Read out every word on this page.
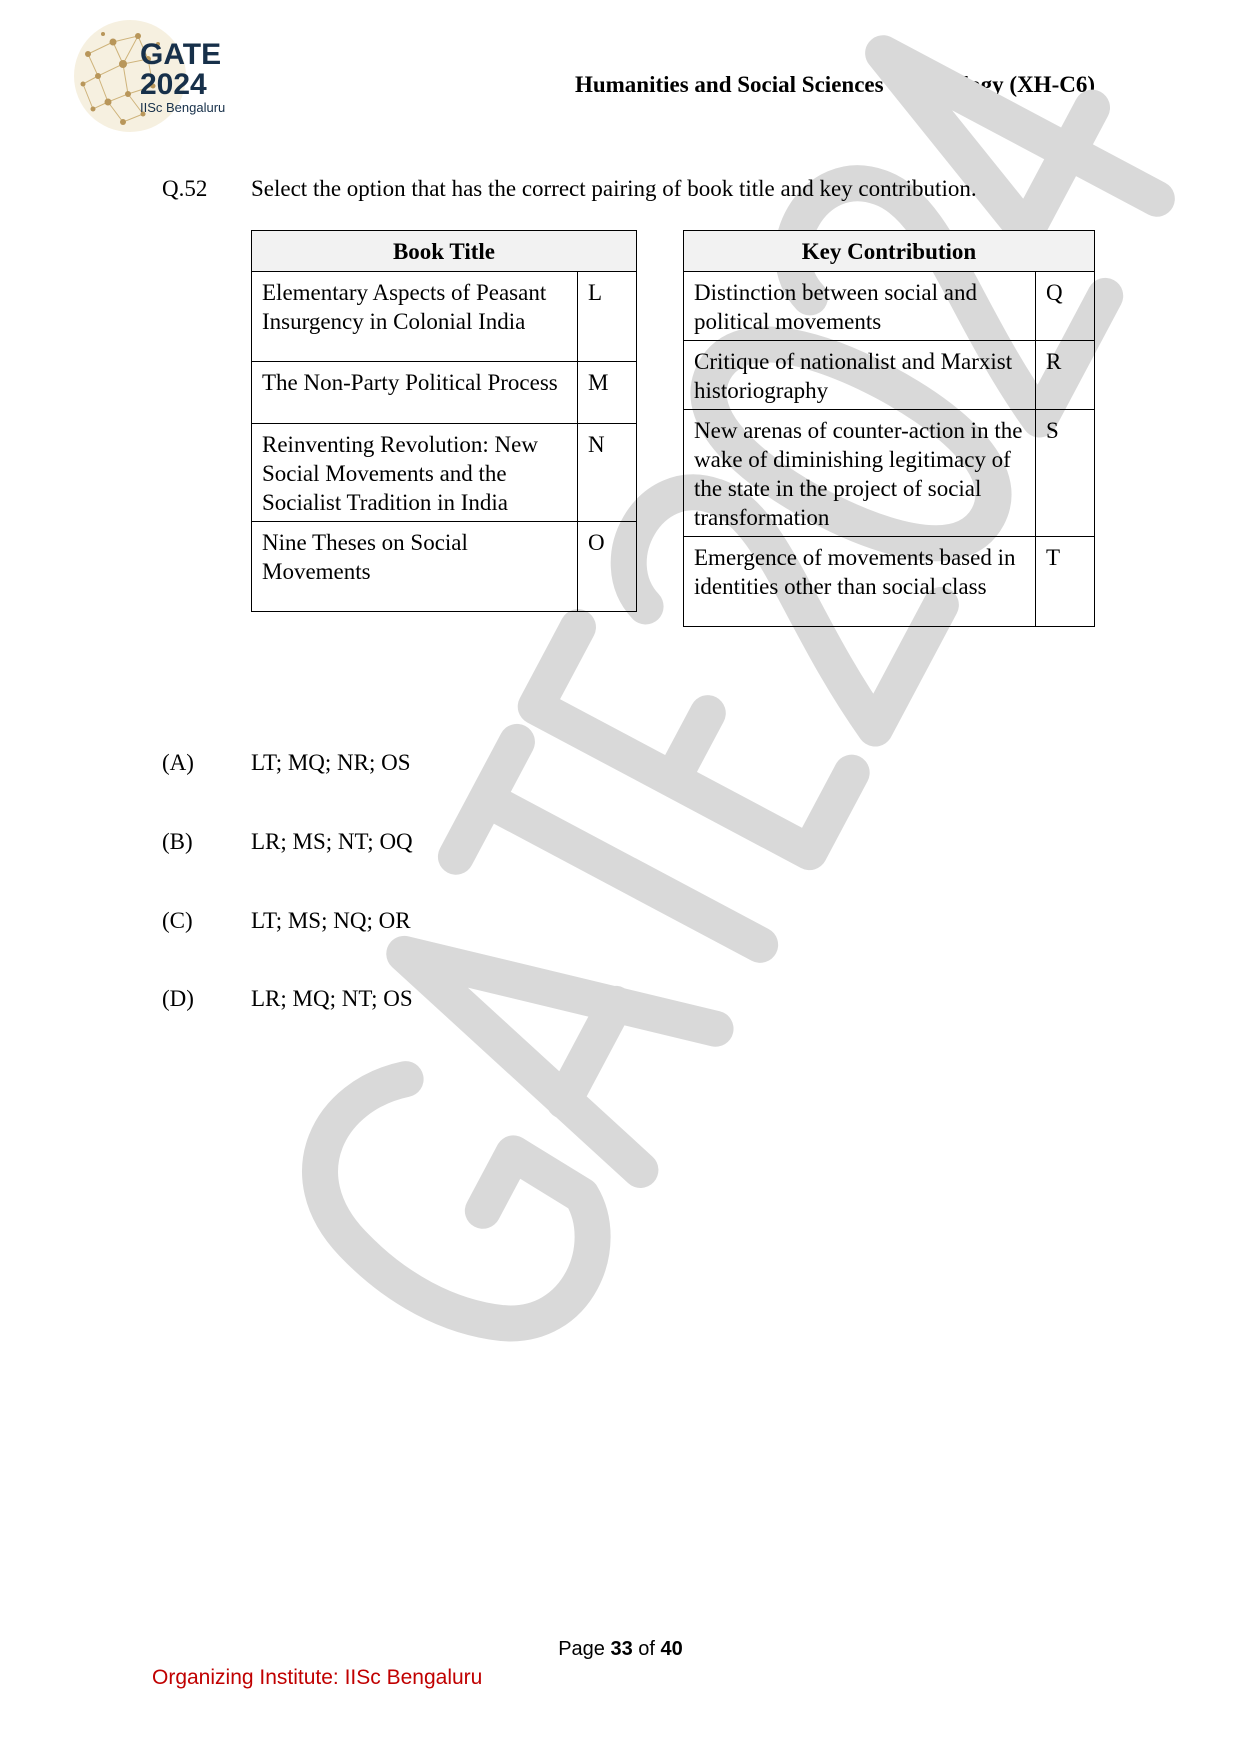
GATE
2024
IISc Bengaluru
Humanities and Social Sciences -- Sociology (XH-C6)
Q.52 Select the option that has the correct pairing of book title and key contribution.
Book Title	
Elementary Aspects of Peasant Insurgency in Colonial India	L
The Non-Party Political Process	M
Reinventing Revolution: New Social Movements and the Socialist Tradition in India	N
Nine Theses on Social Movements	O
Key Contribution	
Distinction between social and political movements	Q
Critique of nationalist and Marxist historiography	R
New arenas of counter-action in the wake of diminishing legitimacy of the state in the project of social transformation	S
Emergence of movements based in identities other than social class	T
(A) LT; MQ; NR; OS
(B)	LR; MS; NT; OQ
(C)	LT; MS; NQ; OR
(D) LR; MQ; NT; OS
Page 33 of 40
Organizing Institute: IISc Bengaluru
